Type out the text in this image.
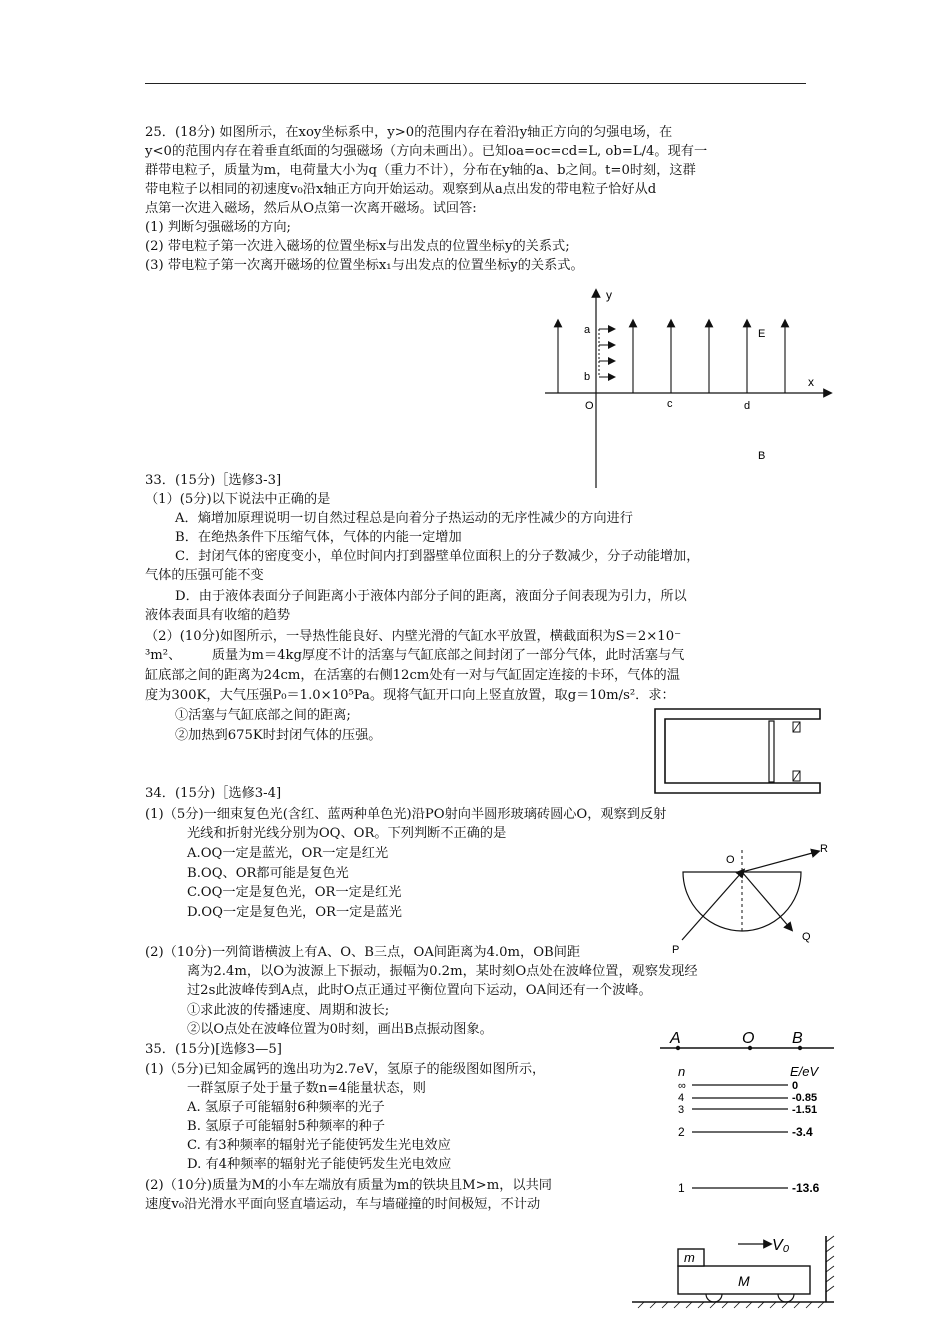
25．(18分) 如图所示，在xoy坐标系中，y>0的范围内存在着沿y轴正方向的匀强电场，在
y<0的范围内存在着垂直纸面的匀强磁场（方向未画出）。已知oa=oc=cd=L, ob=L/4。现有一
群带电粒子，质量为m，电荷量大小为q（重力不计），分布在y轴的a、b之间。t=0时刻，这群
带电粒子以相同的初速度v₀沿x轴正方向开始运动。观察到从a点出发的带电粒子恰好从d
点第一次进入磁场，然后从O点第一次离开磁场。试回答:
(1) 判断匀强磁场的方向;
(2) 带电粒子第一次进入磁场的位置坐标x与出发点的位置坐标y的关系式;
(3) 带电粒子第一次离开磁场的位置坐标x₁与出发点的位置坐标y的关系式。
y
x
a
b
O	c	d
E
B
33．(15分)［选修3-3]
（1）(5分)以下说法中正确的是
A．熵增加原理说明一切自然过程总是向着分子热运动的无序性减少的方向进行
B．在绝热条件下压缩气体，气体的内能一定增加
C．封闭气体的密度变小，单位时间内打到器壁单位面积上的分子数减少，分子动能增加，
气体的压强可能不变
D．由于液体表面分子间距离小于液体内部分子间的距离，液面分子间表现为引力，所以
液体表面具有收缩的趋势
（2）(10分)如图所示，一导热性能良好、内壁光滑的气缸水平放置，横截面积为S＝2×10⁻
³m²、 　　质量为m＝4kg厚度不计的活塞与气缸底部之间封闭了一部分气体，此时活塞与气
缸底部之间的距离为24cm，在活塞的右侧12cm处有一对与气缸固定连接的卡环，气体的温
度为300K，大气压强P₀＝1.0×10⁵Pa。现将气缸开口向上竖直放置，取g＝10m/s²．求：
①活塞与气缸底部之间的距离;
②加热到675K时封闭气体的压强。
34．(15分)［选修3-4]
(1)（5分)一细束复色光(含红、蓝两种单色光)沿PO射向半圆形玻璃砖圆心O，观察到反射
光线和折射光线分别为OQ、OR。下列判断不正确的是
A.OQ一定是蓝光，OR一定是红光
B.OQ、OR都可能是复色光
C.OQ一定是复色光，OR一定是红光
D.OQ一定是复色光，OR一定是蓝光
(2)（10分)一列简谐横波上有A、O、B三点，OA间距离为4.0m，OB间距
离为2.4m，以O为波源上下振动，振幅为0.2m，某时刻O点处在波峰位置，观察发现经
过2s此波峰传到A点，此时O点正通过平衡位置向下运动，OA间还有一个波峰。
①求此波的传播速度、周期和波长;
②以O点处在波峰位置为0时刻，画出B点振动图象。
O
R
P
Q
A	O B
35．(15分)[选修3—5]
(1)（5分)已知金属钙的逸出功为2.7eV，氢原子的能级图如图所示，
一群氢原子处于量子数n=4能量状态，则
A. 氢原子可能辐射6种频率的光子
B. 氢原子可能辐射5种频率的种子
C. 有3种频率的辐射光子能使钙发生光电效应
D. 有4种频率的辐射光子能使钙发生光电效应
(2)（10分)质量为M的小车左端放有质量为m的铁块且M>m，以共同
速度v₀沿光滑水平面向竖直墙运动，车与墙碰撞的时间极短，不计动
n	E/eV
∞
4
3
2
1
0
-0.85
-1.51
-3.4
-13.6
m
M
V₀
